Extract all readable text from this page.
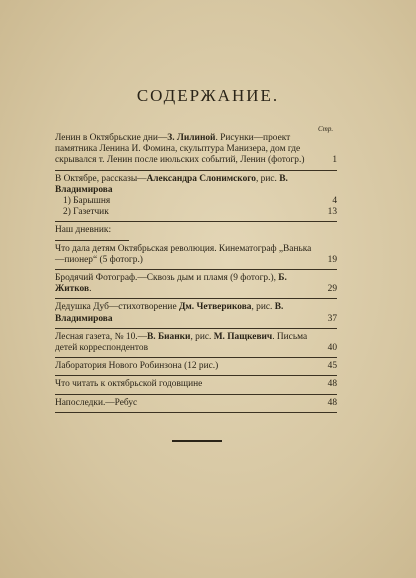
СОДЕРЖАНИЕ.
Стр.
Ленин в Октябрьские дни—З. Лилиной. Рисунки—проект памятника Ленина И. Фомина, скульптура Манизера, дом где скрывался т. Ленин после июльских событий, Ленин (фотогр.)	1
В Октябре, рассказы—Александра Слонимского, рис. В. Владимирова
1) Барышня	4
2) Газетчик	13
Наш дневник:
Что дала детям Октябрьская революция. Кинематограф „Ванька—пионер“ (5 фотогр.)	19
Бродячий Фотограф.—Сквозь дым и пламя (9 фотогр.), Б. Житков.	29
Дедушка Дуб—стихотворение Дм. Четверикова, рис. В. Владимирова	37
Лесная газета, № 10.—В. Бианки, рис. М. Пащкевич. Письма детей корреспондентов	40
Лаборатория Нового Робинзона (12 рис.)	45
Что читать к октябрьской годовщине	48
Напоследки.—Ребус	48
